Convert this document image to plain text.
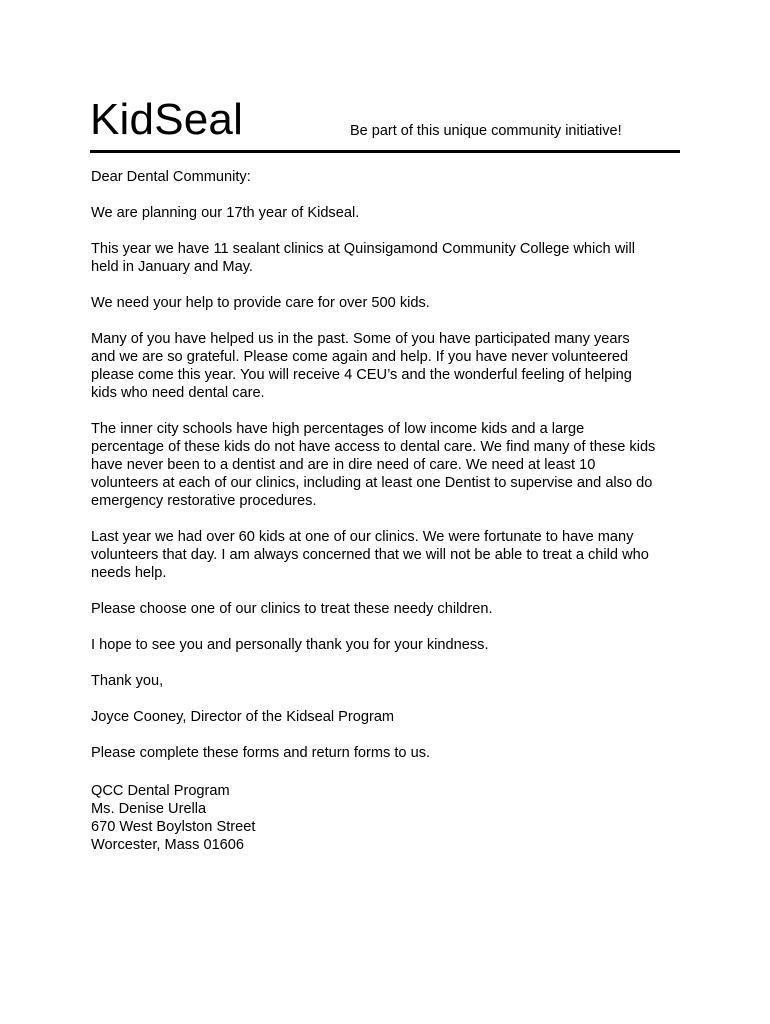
KidSeal	Be part of this unique community initiative!
Dear Dental Community:
We are planning our 17th year of Kidseal.
This year we have 11 sealant clinics at Quinsigamond Community College which will
held in January and May.
We need your help to provide care for over 500 kids.
Many of you have helped us in the past. Some of you have participated many years
and we are so grateful. Please come again and help. If you have never volunteered
please come this year. You will receive 4 CEU’s and the wonderful feeling of helping
kids who need dental care.
The inner city schools have high percentages of low income kids and a large
percentage of these kids do not have access to dental care. We find many of these kids
have never been to a dentist and are in dire need of care. We need at least 10
volunteers at each of our clinics, including at least one Dentist to supervise and also do
emergency restorative procedures.
Last year we had over 60 kids at one of our clinics. We were fortunate to have many
volunteers that day. I am always concerned that we will not be able to treat a child who
needs help.
Please choose one of our clinics to treat these needy children.
I hope to see you and personally thank you for your kindness.
Thank you,
Joyce Cooney, Director of the Kidseal Program
Please complete these forms and return forms to us.
QCC Dental Program
Ms. Denise Urella
670 West Boylston Street
Worcester, Mass 01606
